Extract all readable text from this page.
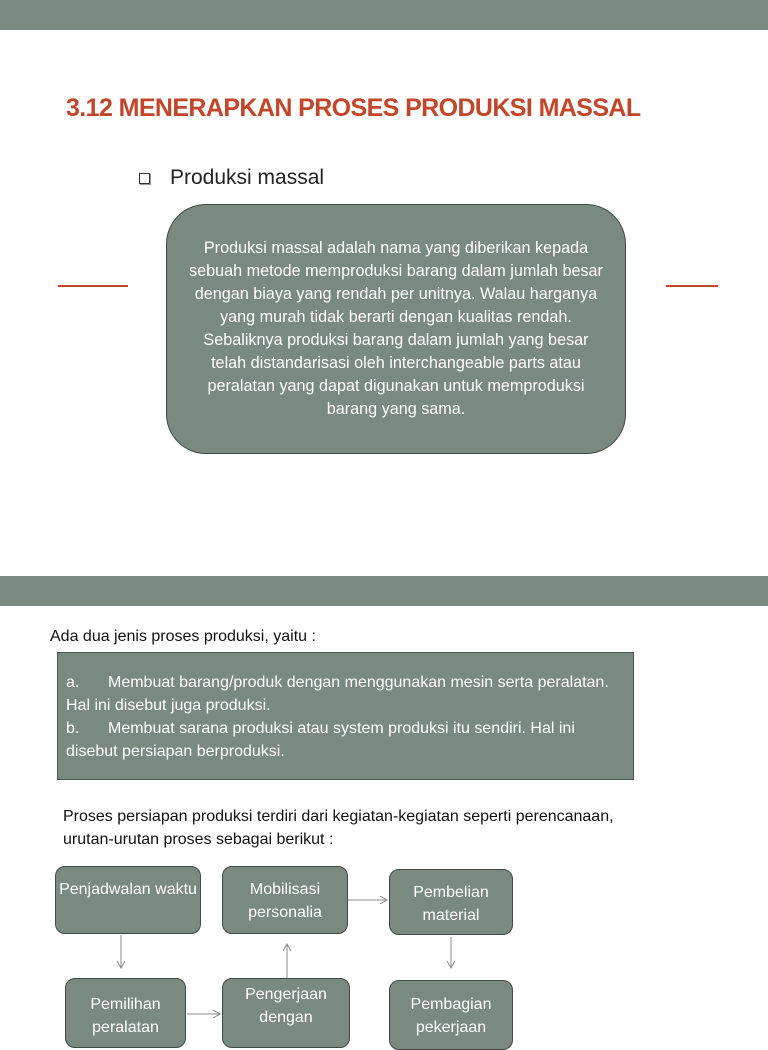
3.12 MENERAPKAN PROSES PRODUKSI MASSAL
Produksi massal
Produksi massal adalah nama yang diberikan kepada sebuah metode memproduksi barang dalam jumlah besar dengan biaya yang rendah per unitnya. Walau harganya yang murah tidak berarti dengan kualitas rendah. Sebaliknya produksi barang dalam jumlah yang besar telah distandarisasi oleh interchangeable parts atau peralatan yang dapat digunakan untuk memproduksi barang yang sama.
Ada dua jenis proses produksi, yaitu :
a. Membuat barang/produk dengan menggunakan mesin serta peralatan. Hal ini disebut juga produksi.
b. Membuat sarana produksi atau system produksi itu sendiri. Hal ini disebut persiapan berproduksi.
Proses persiapan produksi terdiri dari kegiatan-kegiatan seperti perencanaan, urutan-urutan proses sebagai berikut :
Penjadwalan waktu	Mobilisasi personalia
Pembelian material
Pemilihan peralatan
Pengerjaan dengan
Pembagian pekerjaan
